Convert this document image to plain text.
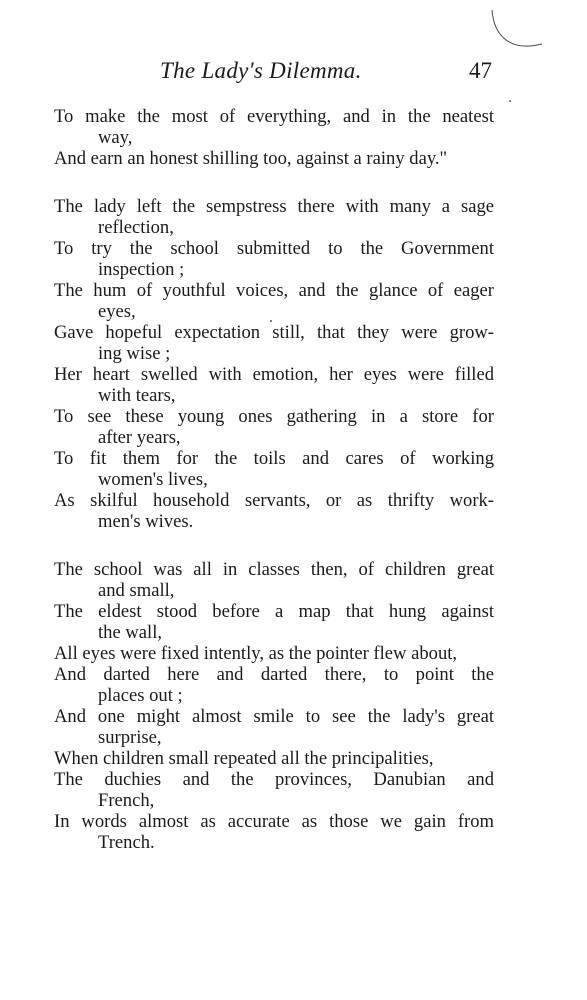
The Lady's Dilemma.	47
To make the most of everything, and in the neatest
way,
And earn an honest shilling too, against a rainy day."
The lady left the sempstress there with many a sage
reflection,
To try the school submitted to the Government
inspection ;
The hum of youthful voices, and the glance of eager
eyes,
Gave hopeful expectation still, that they were grow-
ing wise ;
Her heart swelled with emotion, her eyes were filled
with tears,
To see these young ones gathering in a store for
after years,
To fit them for the toils and cares of working
women's lives,
As skilful household servants, or as thrifty work-
men's wives.
The school was all in classes then, of children great
and small,
The eldest stood before a map that hung against
the wall,
All eyes were fixed intently, as the pointer flew about,
And darted here and darted there, to point the
places out ;
And one might almost smile to see the lady's great
surprise,
When children small repeated all the principalities,
The duchies and the provinces, Danubian and
French,
In words almost as accurate as those we gain from
Trench.
